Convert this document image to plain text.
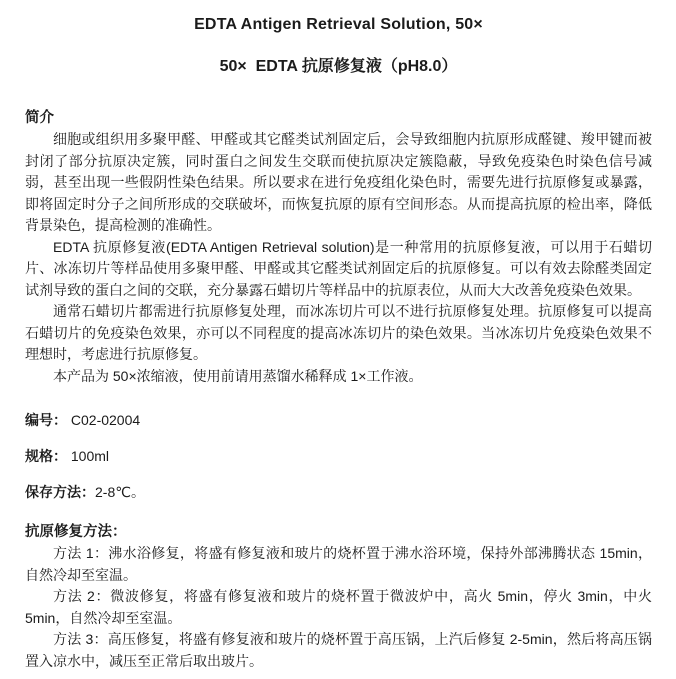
EDTA Antigen Retrieval Solution, 50×
50×  EDTA 抗原修复液（pH8.0）
简介

细胞或组织用多聚甲醛、甲醛或其它醛类试剂固定后，会导致细胞内抗原形成醛键、羧甲键而被封闭了部分抗原决定簇，同时蛋白之间发生交联而使抗原决定簇隐蔽，导致免疫染色时染色信号减弱，甚至出现一些假阴性染色结果。所以要求在进行免疫组化染色时，需要先进行抗原修复或暴露，即将固定时分子之间所形成的交联破坏，而恢复抗原的原有空间形态。从而提高抗原的检出率，降低背景染色，提高检测的准确性。

EDTA 抗原修复液(EDTA Antigen Retrieval solution)是一种常用的抗原修复液，可以用于石蜡切片、冰冻切片等样品使用多聚甲醛、甲醛或其它醛类试剂固定后的抗原修复。可以有效去除醛类固定试剂导致的蛋白之间的交联，充分暴露石蜡切片等样品中的抗原表位，从而大大改善免疫染色效果。

通常石蜡切片都需进行抗原修复处理，而冰冻切片可以不进行抗原修复处理。抗原修复可以提高石蜡切片的免疫染色效果，亦可以不同程度的提高冰冻切片的染色效果。当冰冻切片免疫染色效果不理想时，考虑进行抗原修复。

本产品为 50×浓缩液，使用前请用蒸馏水稀释成 1×工作液。

编号： C02-02004
规格： 100ml
保存方法：2-8℃。
抗原修复方法：

方法 1：沸水浴修复，将盛有修复液和玻片的烧杯置于沸水浴环境，保持外部沸腾状态 15min，自然冷却至室温。

方法 2：微波修复，将盛有修复液和玻片的烧杯置于微波炉中，高火 5min，停火 3min，中火 5min，自然冷却至室温。

方法 3：高压修复，将盛有修复液和玻片的烧杯置于高压锅，上汽后修复 2-5min，然后将高压锅置入凉水中，减压至正常后取出玻片。
